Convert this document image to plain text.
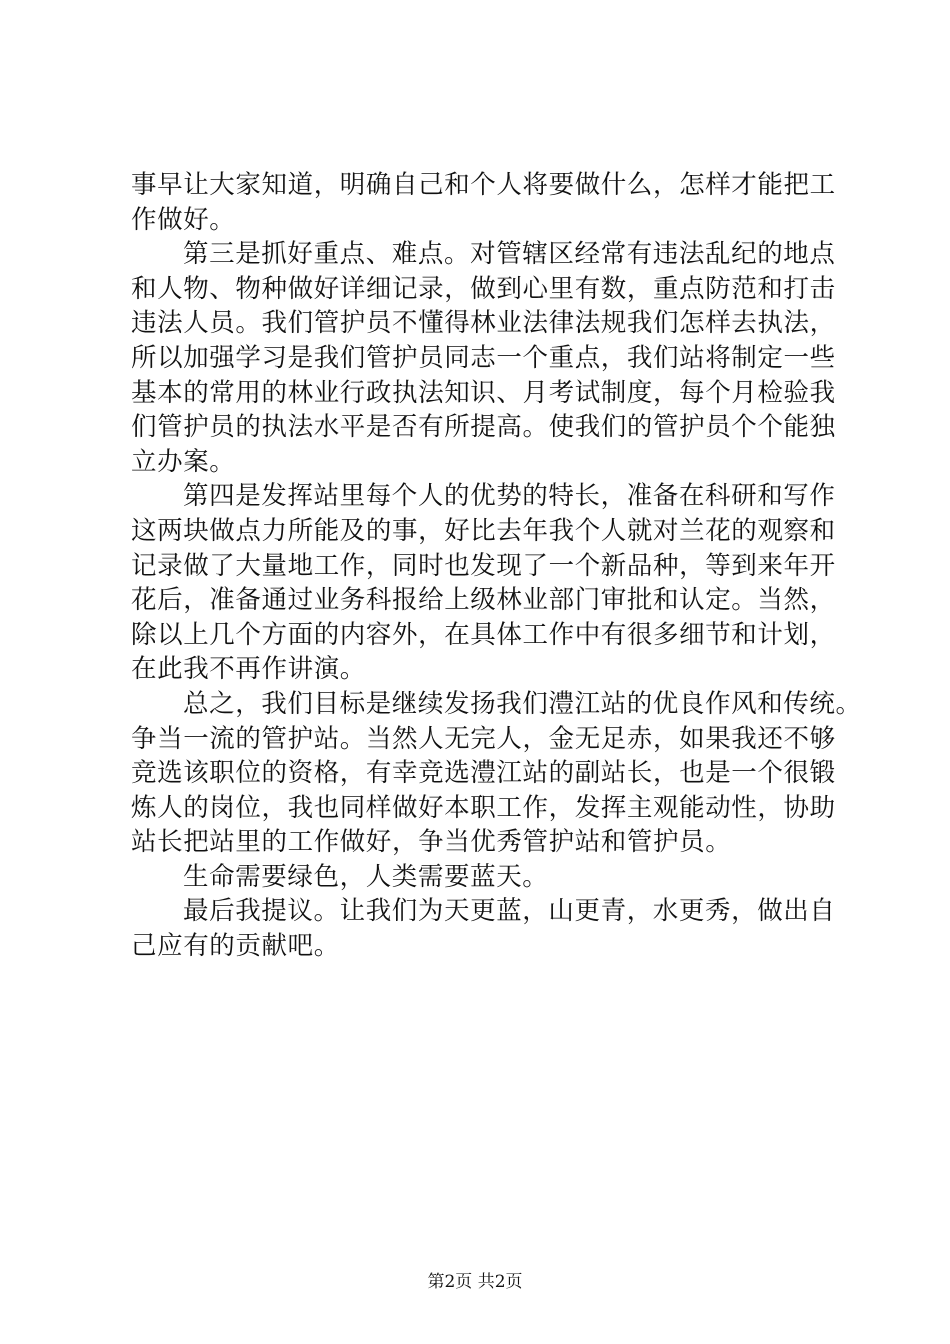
事早让大家知道，明确自己和个人将要做什么，怎样才能把工
作做好。
第三是抓好重点、难点。对管辖区经常有违法乱纪的地点
和人物、物种做好详细记录，做到心里有数，重点防范和打击
违法人员。我们管护员不懂得林业法律法规我们怎样去执法，
所以加强学习是我们管护员同志一个重点，我们站将制定一些
基本的常用的林业行政执法知识、月考试制度，每个月检验我
们管护员的执法水平是否有所提高。使我们的管护员个个能独
立办案。
第四是发挥站里每个人的优势的特长，准备在科研和写作
这两块做点力所能及的事，好比去年我个人就对兰花的观察和
记录做了大量地工作，同时也发现了一个新品种，等到来年开
花后，准备通过业务科报给上级林业部门审批和认定。当然，
除以上几个方面的内容外，在具体工作中有很多细节和计划，
在此我不再作讲演。
总之，我们目标是继续发扬我们澧江站的优良作风和传统。
争当一流的管护站。当然人无完人，金无足赤，如果我还不够
竞选该职位的资格，有幸竞选澧江站的副站长，也是一个很锻
炼人的岗位，我也同样做好本职工作，发挥主观能动性，协助
站长把站里的工作做好，争当优秀管护站和管护员。
生命需要绿色，人类需要蓝天。
最后我提议。让我们为天更蓝，山更青，水更秀，做出自
己应有的贡献吧。
第2页 共2页
